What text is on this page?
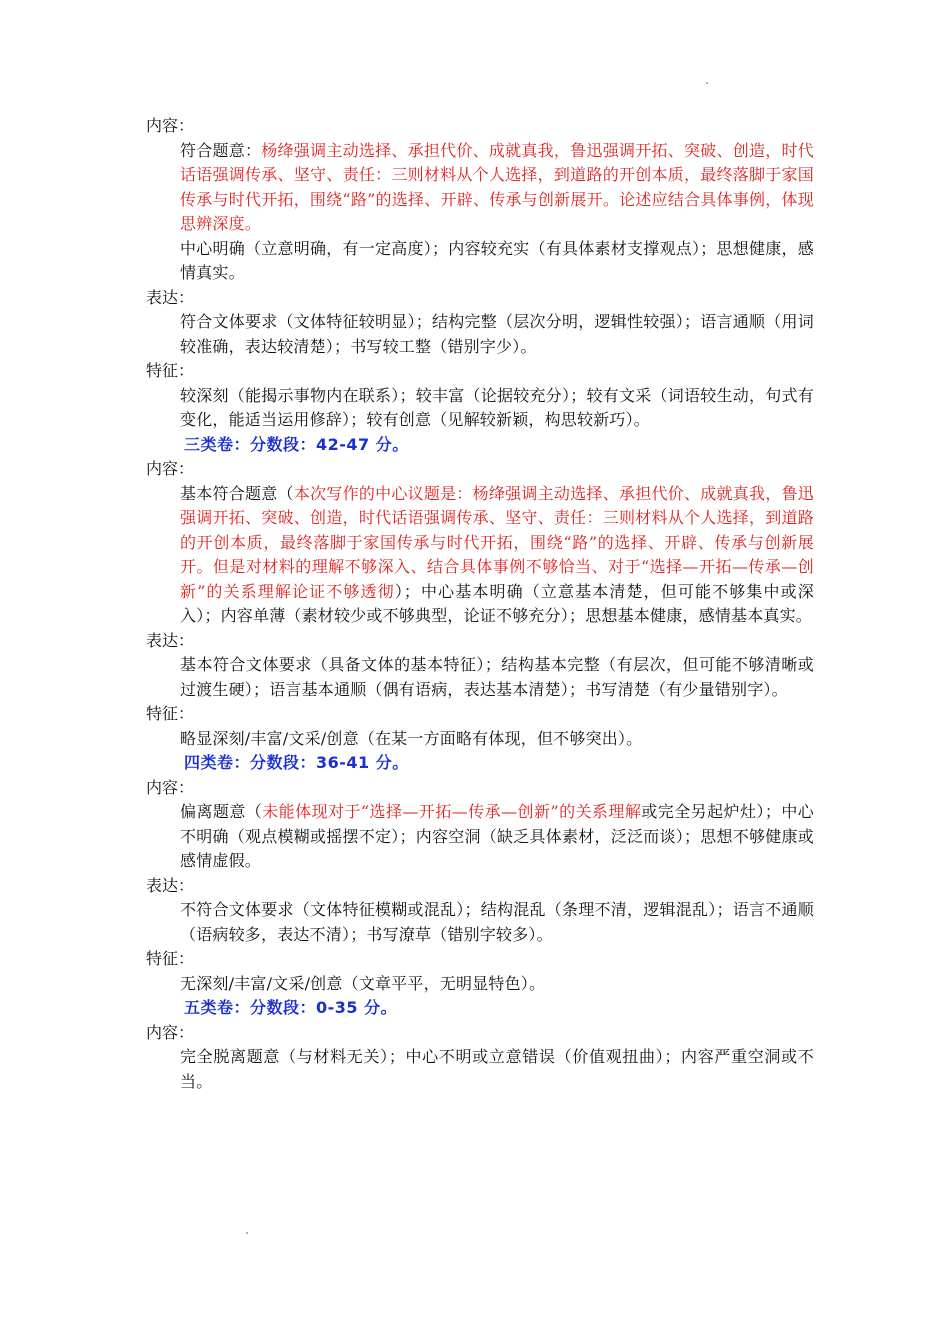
内容：

符合题意：杨绛强调主动选择、承担代价、成就真我，鲁迅强调开拓、突破、创造，时代话语强调传承、坚守、责任：三则材料从个人选择，到道路的开创本质，最终落脚于家国传承与时代开拓，围绕“路”的选择、开辟、传承与创新展开。论述应结合具体事例，体现思辨深度。

中心明确（立意明确，有一定高度）；内容较充实（有具体素材支撑观点）；思想健康，感情真实。

表达：

符合文体要求（文体特征较明显）；结构完整（层次分明，逻辑性较强）；语言通顺（用词较准确，表达较清楚）；书写较工整（错别字少）。

特征：

较深刻（能揭示事物内在联系）；较丰富（论据较充分）；较有文采（词语较生动，句式有变化，能适当运用修辞）；较有创意（见解较新颖，构思较新巧）。

三类卷：分数段：42-47 分。

内容：

基本符合题意（本次写作的中心议题是：杨绛强调主动选择、承担代价、成就真我，鲁迅强调开拓、突破、创造，时代话语强调传承、坚守、责任：三则材料从个人选择，到道路的开创本质，最终落脚于家国传承与时代开拓，围绕“路”的选择、开辟、传承与创新展开。但是对材料的理解不够深入、结合具体事例不够恰当、对于“选择—开拓—传承—创新”的关系理解论证不够透彻）；中心基本明确（立意基本清楚，但可能不够集中或深入）；内容单薄（素材较少或不够典型，论证不够充分）；思想基本健康，感情基本真实。

表达：

基本符合文体要求（具备文体的基本特征）；结构基本完整（有层次，但可能不够清晰或过渡生硬）；语言基本通顺（偶有语病，表达基本清楚）；书写清楚（有少量错别字）。

特征：

略显深刻/丰富/文采/创意（在某一方面略有体现，但不够突出）。

四类卷：分数段：36-41 分。

内容：

偏离题意（未能体现对于“选择—开拓—传承—创新”的关系理解或完全另起炉灶）；中心不明确（观点模糊或摇摆不定）；内容空洞（缺乏具体素材，泛泛而谈）；思想不够健康或感情虚假。

表达：

不符合文体要求（文体特征模糊或混乱）；结构混乱（条理不清，逻辑混乱）；语言不通顺（语病较多，表达不清）；书写潦草（错别字较多）。

特征：

无深刻/丰富/文采/创意（文章平平，无明显特色）。

五类卷：分数段：0-35 分。

内容：

完全脱离题意（与材料无关）；中心不明或立意错误（价值观扭曲）；内容严重空洞或不当。
